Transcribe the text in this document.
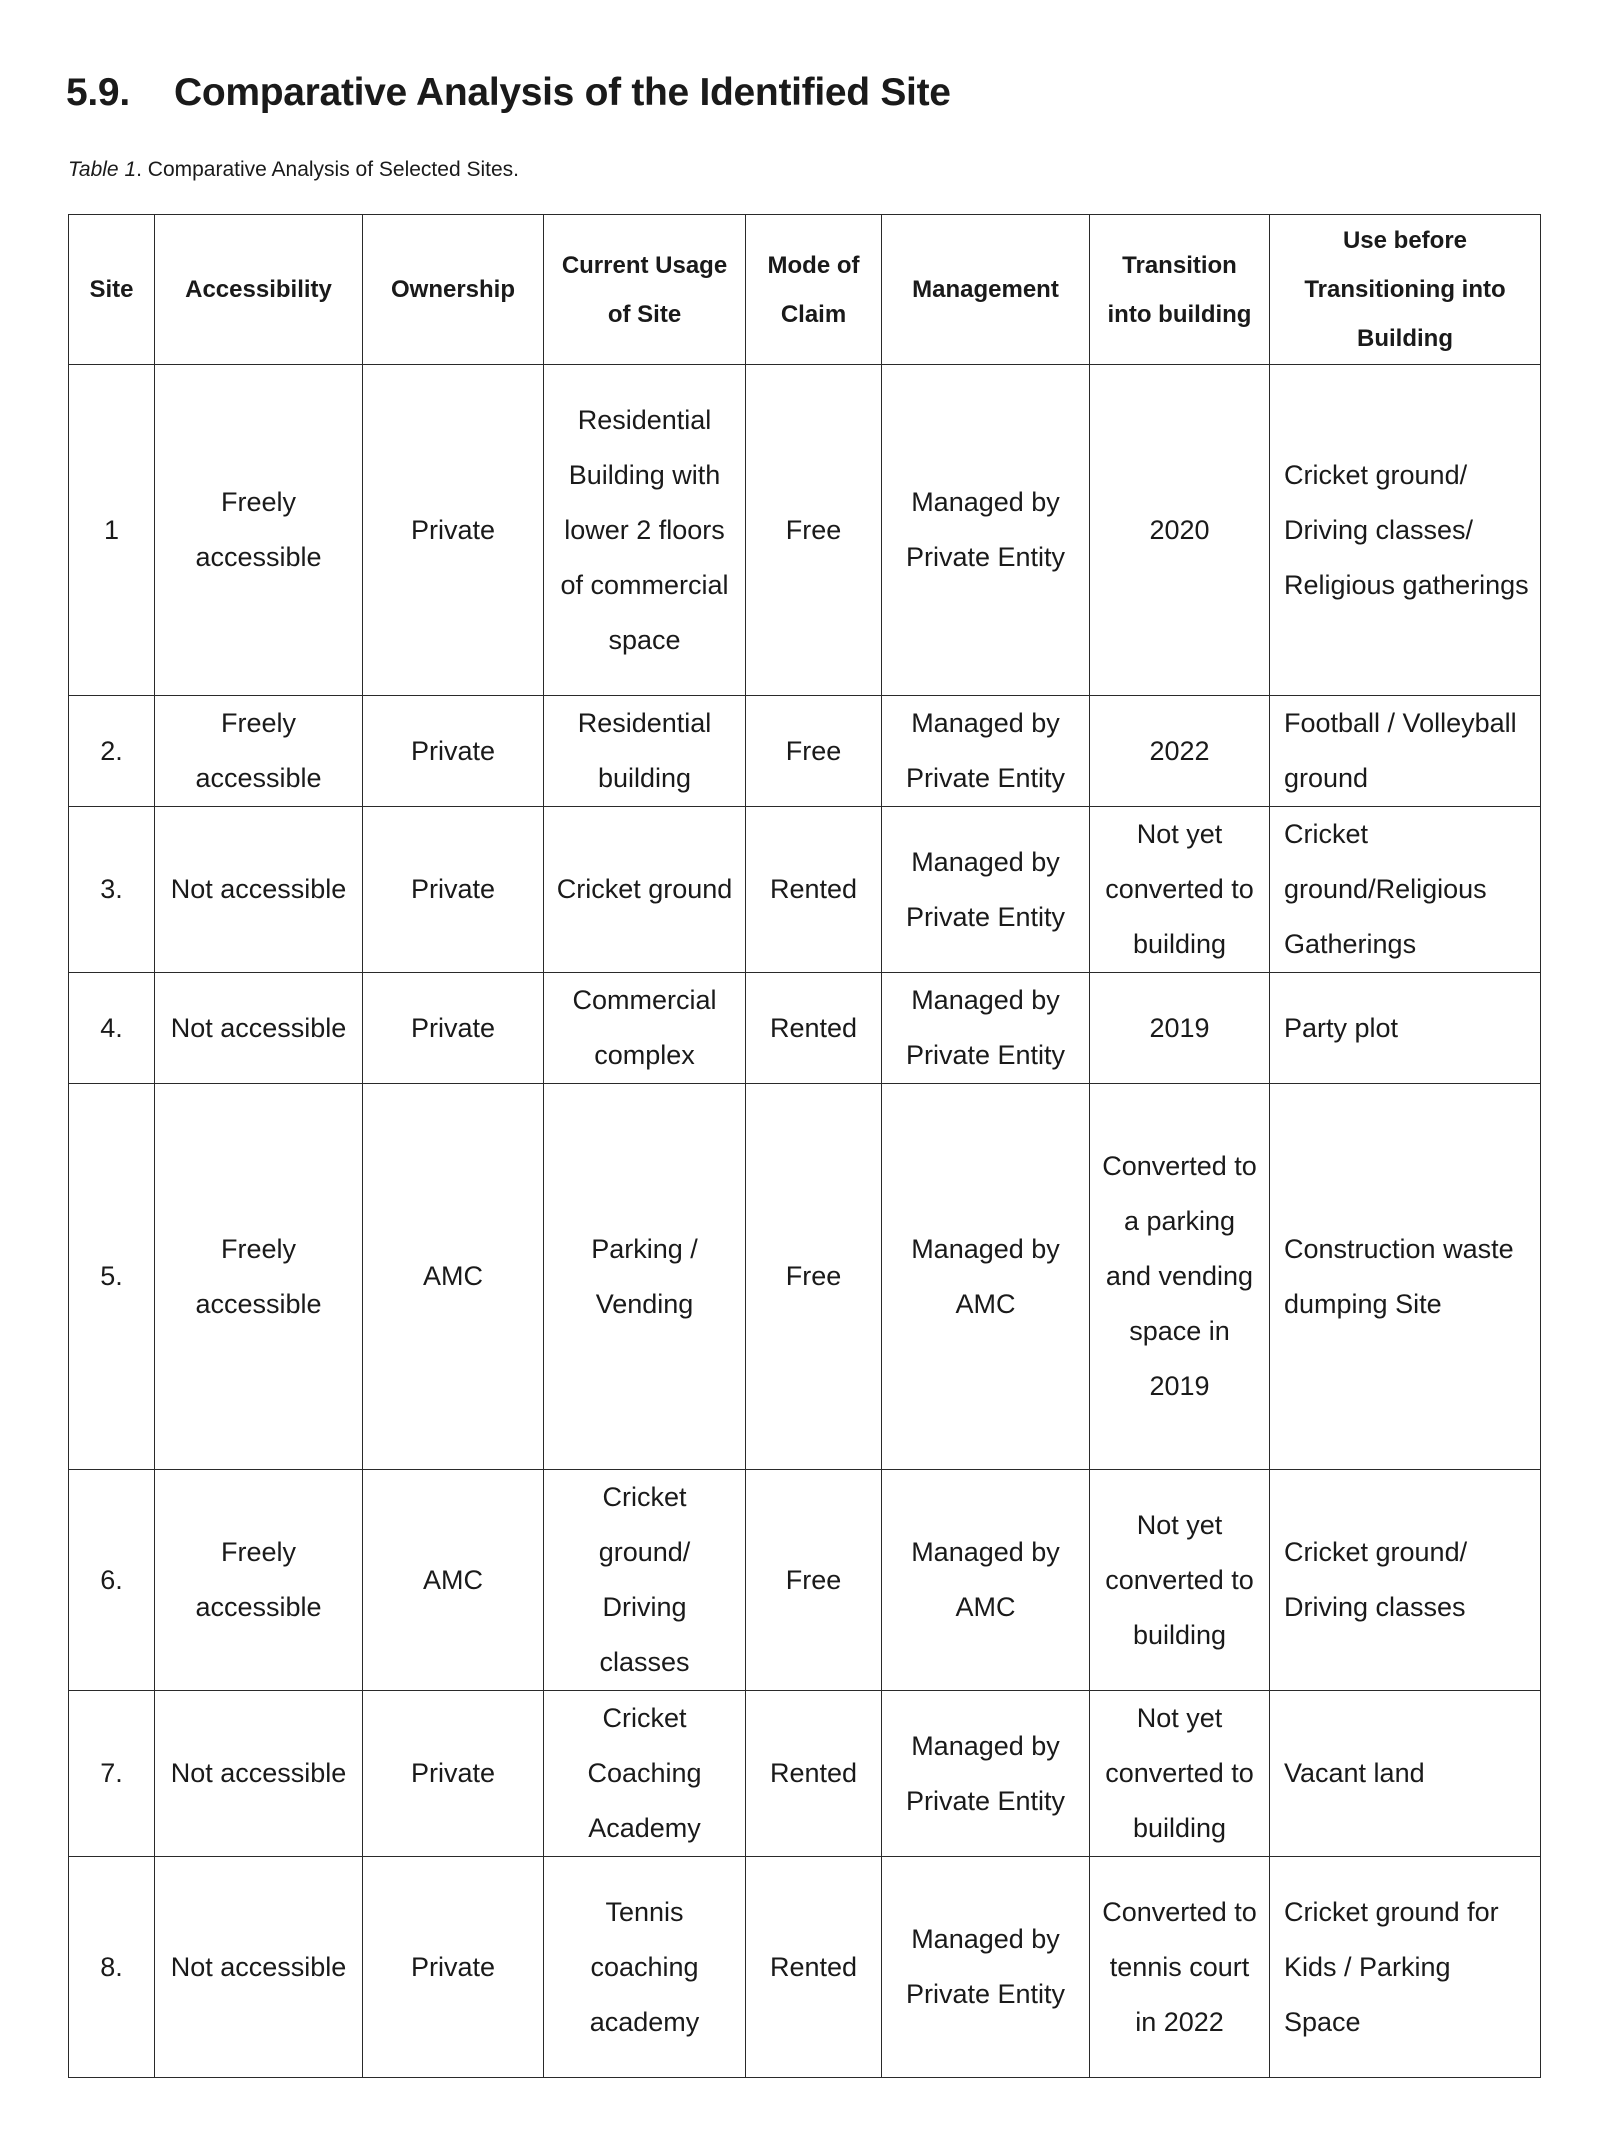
5.9. Comparative Analysis of the Identified Site
Table 1. Comparative Analysis of Selected Sites.
Site	Accessibility	Ownership	Current Usage of Site	Mode of Claim	Management	Transition into building	Use before Transitioning into Building
1	Freely accessible	Private	Residential Building with lower 2 floors of commercial space	Free	Managed by Private Entity	2020	Cricket ground/ Driving classes/ Religious gatherings
2.	Freely accessible	Private	Residential building	Free	Managed by Private Entity	2022	Football / Volleyball ground
3.	Not accessible	Private	Cricket ground	Rented	Managed by Private Entity	Not yet converted to building	Cricket ground/Religious Gatherings
4.	Not accessible	Private	Commercial complex	Rented	Managed by Private Entity	2019	Party plot
5.	Freely accessible	AMC	Parking / Vending	Free	Managed by AMC	Converted to a parking and vending space in 2019	Construction waste dumping Site
6.	Freely accessible	AMC	Cricket ground/ Driving classes	Free	Managed by AMC	Not yet converted to building	Cricket ground/ Driving classes
7.	Not accessible	Private	Cricket Coaching Academy	Rented	Managed by Private Entity	Not yet converted to building	Vacant land
8.	Not accessible	Private	Tennis coaching academy	Rented	Managed by Private Entity	Converted to tennis court in 2022	Cricket ground for Kids / Parking Space
